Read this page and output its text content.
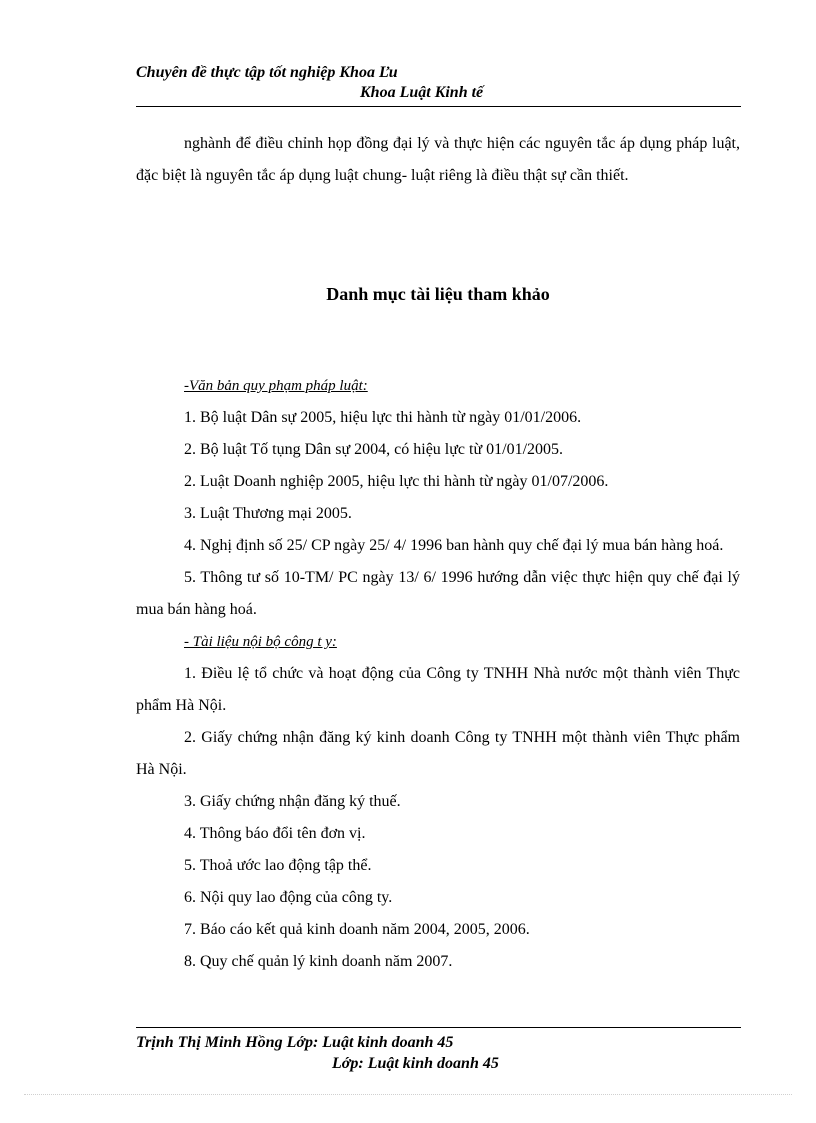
Chuyên đề thực tập tốt nghiệp Khoa Ľu
Khoa Luật Kinh tế

nghành để điều chỉnh họp đồng đại lý và thực hiện các nguyên tắc áp dụng pháp luật, đặc biệt là nguyên tắc áp dụng luật chung- luật riêng là điều thật sự cần thiết.

Danh mục tài liệu tham khảo

-Văn bản quy phạm pháp luật:

1. Bộ luật Dân sự 2005, hiệu lực thi hành từ ngày 01/01/2006.

2. Bộ luật Tố tụng Dân sự 2004, có hiệu lực từ 01/01/2005.

2. Luật Doanh nghiệp 2005, hiệu lực thi hành từ ngày 01/07/2006.

3. Luật Thương mại 2005.

4. Nghị định số 25/ CP ngày 25/ 4/ 1996 ban hành quy chế đại lý mua bán hàng hoá.

5. Thông tư số 10-TM/ PC ngày 13/ 6/ 1996 hướng dẫn việc thực hiện quy chế đại lý mua bán hàng hoá.

- Tài liệu nội bộ công t y:

1. Điều lệ tổ chức và hoạt động của Công ty TNHH Nhà nước một thành viên Thực phẩm Hà Nội.

2. Giấy chứng nhận đăng ký kinh doanh Công ty TNHH một thành viên Thực phẩm Hà Nội.

3. Giấy chứng nhận đăng ký thuế.

4. Thông báo đổi tên đơn vị.

5. Thoả ước lao động tập thể.

6. Nội quy lao động của công ty.

7. Báo cáo kết quả kinh doanh năm 2004, 2005, 2006.

8. Quy chế quản lý kinh doanh năm 2007.

Trịnh Thị Minh Hồng Lớp: Luật kinh doanh 45
Lớp: Luật kinh doanh 45
